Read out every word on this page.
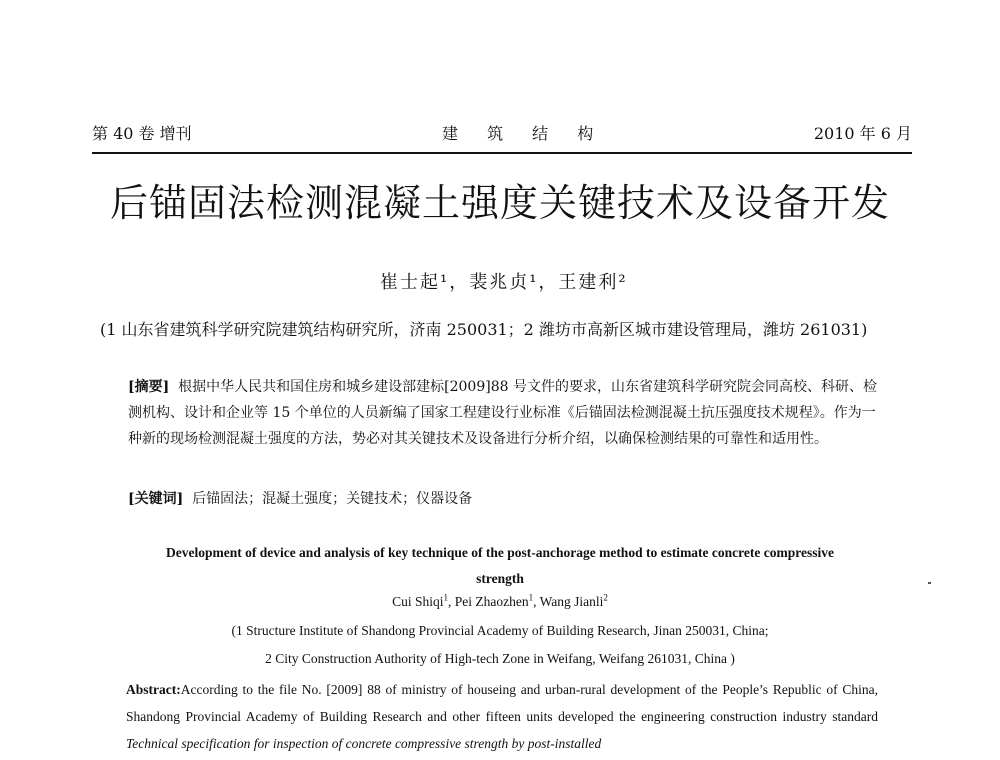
第 40 卷 增刊	建 筑 结 构	2010 年 6 月
后锚固法检测混凝土强度关键技术及设备开发
崔士起¹，裴兆贞¹，王建利²
(1 山东省建筑科学研究院建筑结构研究所，济南 250031；2 潍坊市高新区城市建设管理局，潍坊 261031)
[摘要] 根据中华人民共和国住房和城乡建设部建标[2009]88 号文件的要求，山东省建筑科学研究院会同高校、科研、检测机构、设计和企业等 15 个单位的人员新编了国家工程建设行业标准《后锚固法检测混凝土抗压强度技术规程》。作为一种新的现场检测混凝土强度的方法，势必对其关键技术及设备进行分析介绍，以确保检测结果的可靠性和适用性。
[关键词] 后锚固法；混凝土强度；关键技术；仪器设备
Development of device and analysis of key technique of the post-anchorage method to estimate concrete compressive strength
Cui Shiqi$^1$, Pei Zhaozhen$^1$, Wang Jianli$^2$
(1 Structure Institute of Shandong Provincial Academy of Building Research, Jinan 250031, China;
2 City Construction Authority of High-tech Zone in Weifang, Weifang 261031, China )
Abstract:According to the file No. [2009] 88 of ministry of houseing and urban-rural development of the People’s Republic of China, Shandong Provincial Academy of Building Research and other fifteen units developed the engineering construction industry standard Technical specification for inspection of concrete compressive strength by post-installed
